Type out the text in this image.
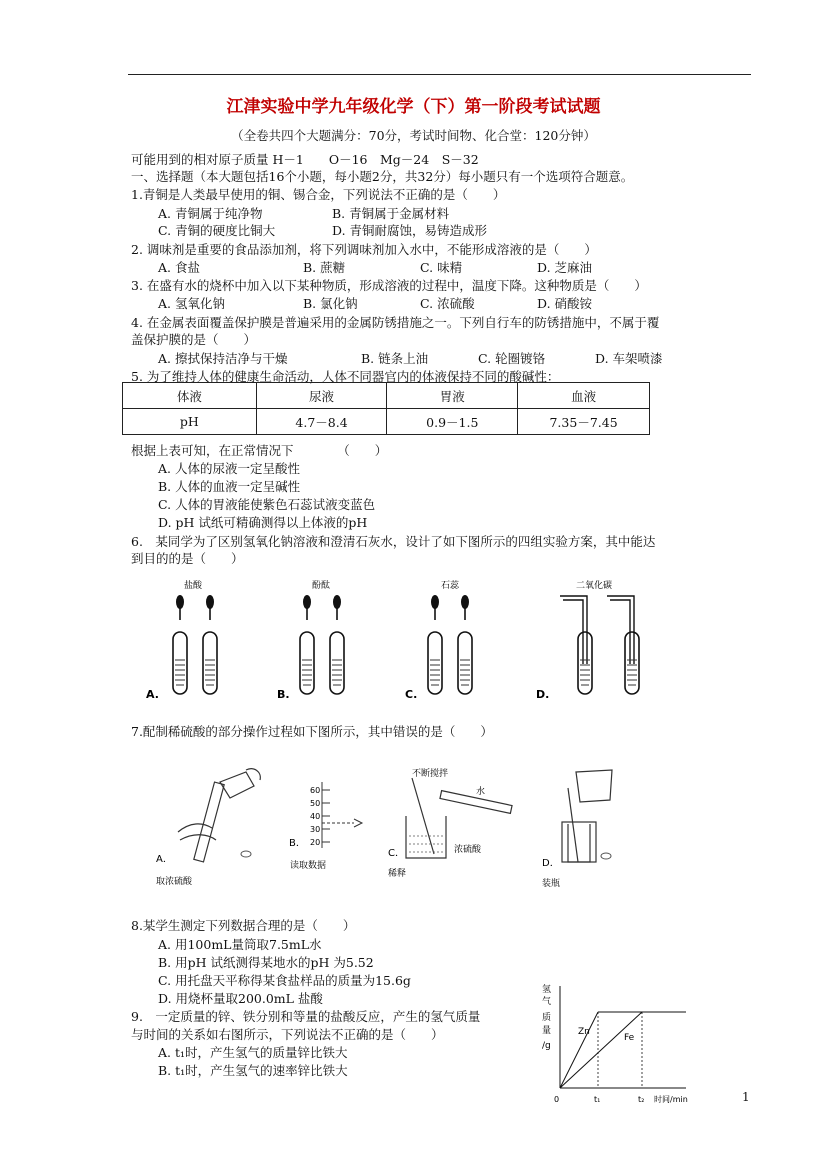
江津实验中学九年级化学（下）第一阶段考试试题
（全卷共四个大题满分：70分，考试时间物、化合堂：120分钟）
可能用到的相对原子质量 H－1　　O－16　Mg－24　S－32
一、选择题（本大题包括16个小题，每小题2分，共32分）每小题只有一个选项符合题意。
1.青铜是人类最早使用的铜、锡合金，下列说法不正确的是（　　）
A. 青铜属于纯净物	B. 青铜属于金属材料
C. 青铜的硬度比铜大	D. 青铜耐腐蚀，易铸造成形
2. 调味剂是重要的食品添加剂，将下列调味剂加入水中，不能形成溶液的是（　　）
A. 食盐	B. 蔗糖	C. 味精	D. 芝麻油
3. 在盛有水的烧杯中加入以下某种物质，形成溶液的过程中，温度下降。这种物质是（　　）
A. 氢氧化钠	B. 氯化钠	C. 浓硫酸	D. 硝酸铵
4. 在金属表面覆盖保护膜是普遍采用的金属防锈措施之一。下列自行车的防锈措施中，不属于覆
盖保护膜的是（　　）
A. 擦拭保持洁净与干燥	B. 链条上油	C. 轮圈镀铬	D. 车架喷漆
5. 为了维持人体的健康生命活动，人体不同器官内的体液保持不同的酸碱性：
体液	尿液	胃液	血液
pH	4.7－8.4	0.9－1.5	7.35－7.45
根据上表可知，在正常情况下　　　　（　　）
A. 人体的尿液一定呈酸性
B. 人体的血液一定呈碱性
C. 人体的胃液能使紫色石蕊试液变蓝色
D. pH 试纸可精确测得以上体液的pH
6.　某同学为了区别氢氧化钠溶液和澄清石灰水，设计了如下图所示的四组实验方案，其中能达
到目的的是（　　）
盐酸
A.
酚酞
B.
石蕊
C.
二氧化碳
D.
7.配制稀硫酸的部分操作过程如下图所示，其中错误的是（　　）
A．
取浓硫酸
60
50
40
30
20
B．
读取数据
不断搅拌
水
浓硫酸
C．
稀释
D．
装瓶
8.某学生测定下列数据合理的是（　　）
A. 用100mL量筒取7.5mL水
B. 用pH 试纸测得某地水的pH 为5.52
C. 用托盘天平称得某食盐样品的质量为15.6g
D. 用烧杯量取200.0mL 盐酸
9.　一定质量的锌、铁分别和等量的盐酸反应，产生的氢气质量
与时间的关系如右图所示，下列说法不正确的是（　　）
A. t₁时，产生氢气的质量锌比铁大
B. t₁时，产生氢气的速率锌比铁大
氢
气
质
量
/g
Zn
Fe
0	t₁	t₂ 时间/min	1
